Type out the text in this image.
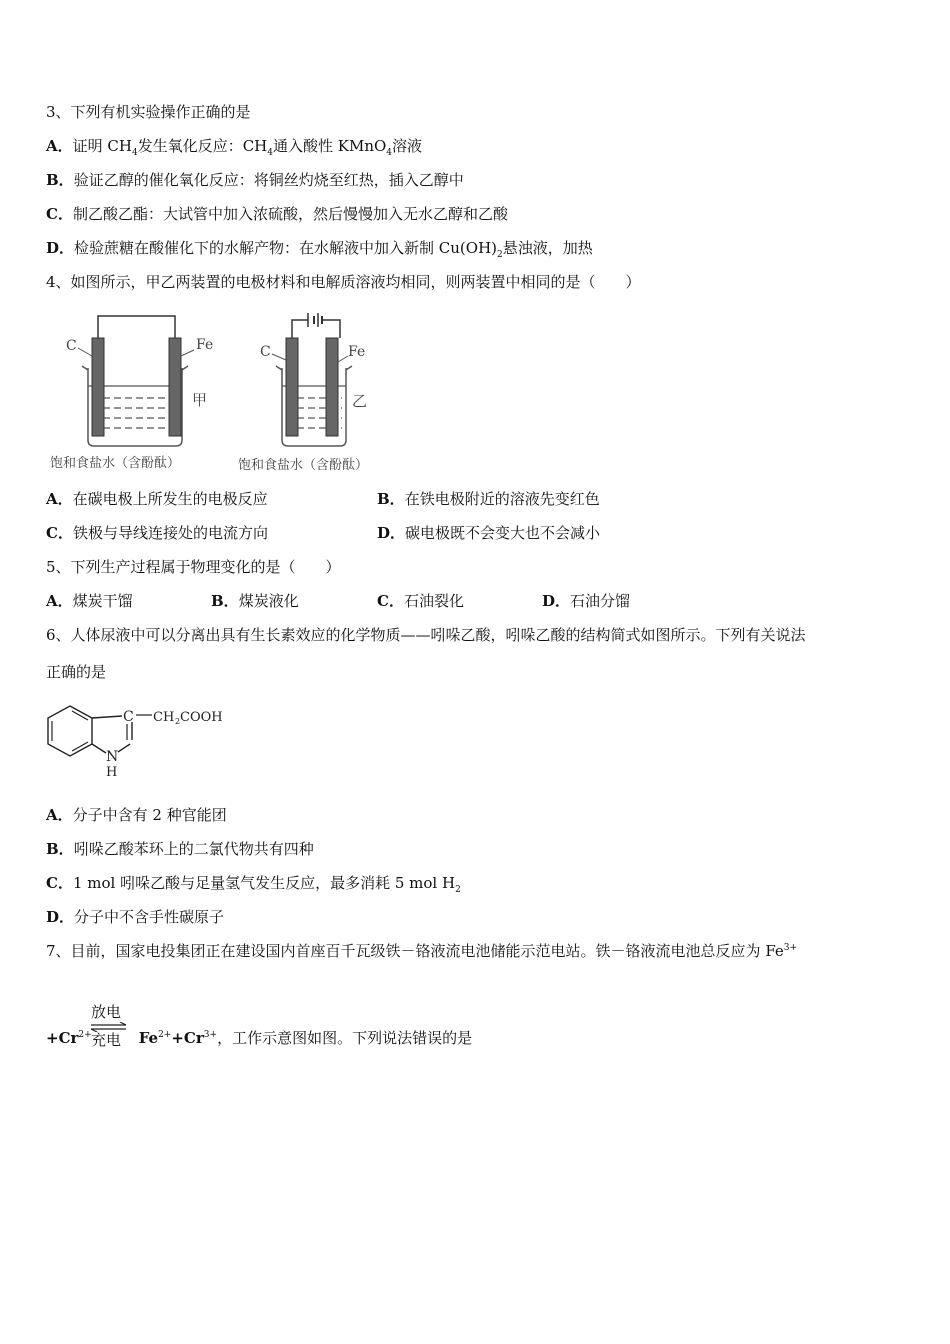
3、下列有机实验操作正确的是
A．证明 $CH_4$发生氧化反应：$CH_4$通入酸性 KMnO$_4$溶液
B．验证乙醇的催化氧化反应：将铜丝灼烧至红热，插入乙醇中
C．制乙酸乙酯：大试管中加入浓硫酸，然后慢慢加入无水乙醇和乙酸
D．检验蔗糖在酸催化下的水解产物：在水解液中加入新制 $Cu(OH)_2$悬浊液，加热
4、如图所示，甲乙两装置的电极材料和电解质溶液均相同，则两装置中相同的是（　　）
C	Fe
甲
饱和食盐水（含酚酞）
C	Fe
乙
饱和食盐水（含酚酞）
A．在碳电极上所发生的电极反应	B．在铁电极附近的溶液先变红色
C．铁极与导线连接处的电流方向	D．碳电极既不会变大也不会减小
5、下列生产过程属于物理变化的是（　　）
A．煤炭干馏	B．煤炭液化	C．石油裂化	D．石油分馏
6、人体尿液中可以分离出具有生长素效应的化学物质——吲哚乙酸，吲哚乙酸的结构简式如图所示。下列有关说法
正确的是
C CH 2 COOH
N
H
A．分子中含有 2 种官能团
B．吲哚乙酸苯环上的二氯代物共有四种
C．1 mol 吲哚乙酸与足量氢气发生反应，最多消耗 5 mol $H_2$
D．分子中不含手性碳原子
7、目前，国家电投集团正在建设国内首座百千瓦级铁－铬液流电池储能示范电站。铁－铬液流电池总反应为 $Fe^{3+}$
$+Cr^{2+}$	$Fe^{2+}+Cr^{3+}$，工作示意图如图。下列说法错误的是
放电
充电
